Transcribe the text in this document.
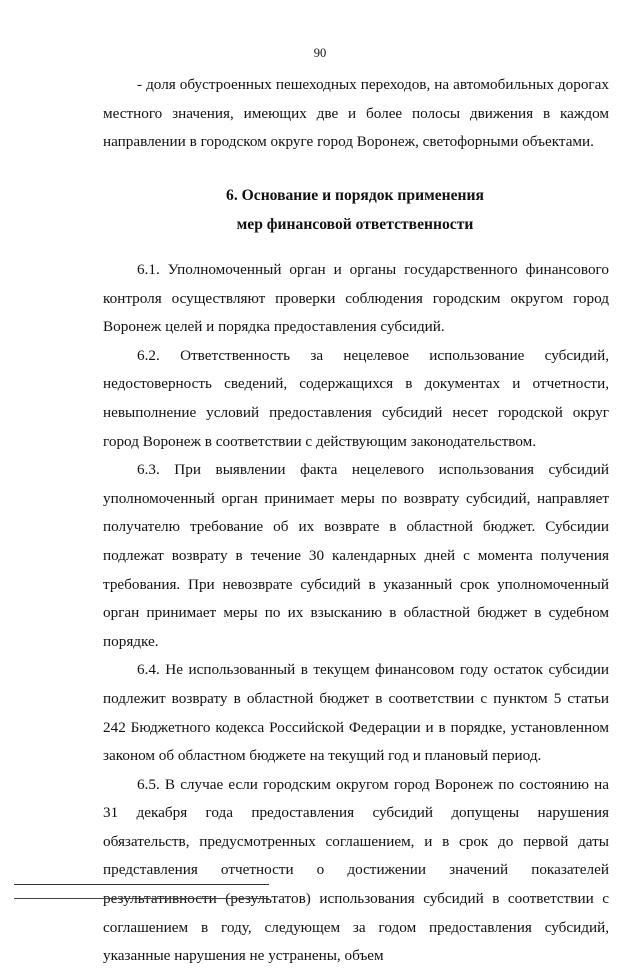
90

- доля обустроенных пешеходных переходов, на автомобильных дорогах местного значения, имеющих две и более полосы движения в каждом направлении в городском округе город Воронеж, светофорными объектами.

6. Основание и порядок применения
мер финансовой ответственности

6.1. Уполномоченный орган и органы государственного финансового контроля осуществляют проверки соблюдения городским округом город Воронеж целей и порядка предоставления субсидий.

6.2. Ответственность за нецелевое использование субсидий, недостоверность сведений, содержащихся в документах и отчетности, невыполнение условий предоставления субсидий несет городской округ город Воронеж в соответствии с действующим законодательством.

6.3. При выявлении факта нецелевого использования субсидий уполномоченный орган принимает меры по возврату субсидий, направляет получателю требование об их возврате в областной бюджет. Субсидии подлежат возврату в течение 30 календарных дней с момента получения требования. При невозврате субсидий в указанный срок уполномоченный орган принимает меры по их взысканию в областной бюджет в судебном порядке.

6.4. Не использованный в текущем финансовом году остаток субсидии подлежит возврату в областной бюджет в соответствии с пунктом 5 статьи 242 Бюджетного кодекса Российской Федерации и в порядке, установленном законом об областном бюджете на текущий год и плановый период.

6.5. В случае если городским округом город Воронеж по состоянию на 31 декабря года предоставления субсидий допущены нарушения обязательств, предусмотренных соглашением, и в срок до первой даты представления отчетности о достижении значений показателей результативности (результатов) использования субсидий в соответствии с соглашением в году, следующем за годом предоставления субсидий, указанные нарушения не устранены, объем
